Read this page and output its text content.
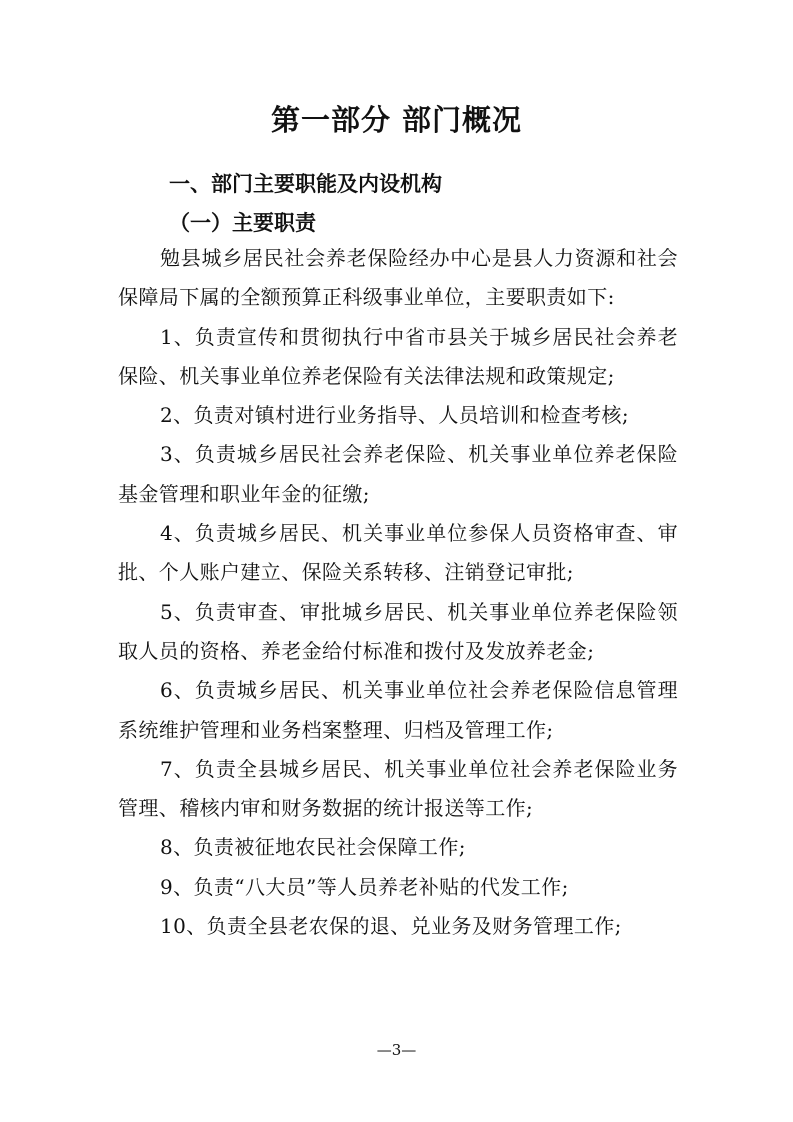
第一部分 部门概况
一、部门主要职能及内设机构
（一）主要职责

勉县城乡居民社会养老保险经办中心是县人力资源和社会保障局下属的全额预算正科级事业单位，主要职责如下:

1、负责宣传和贯彻执行中省市县关于城乡居民社会养老保险、机关事业单位养老保险有关法律法规和政策规定;

2、负责对镇村进行业务指导、人员培训和检查考核;

3、负责城乡居民社会养老保险、机关事业单位养老保险基金管理和职业年金的征缴;

4、负责城乡居民、机关事业单位参保人员资格审查、审批、个人账户建立、保险关系转移、注销登记审批;

5、负责审查、审批城乡居民、机关事业单位养老保险领取人员的资格、养老金给付标准和拨付及发放养老金;

6、负责城乡居民、机关事业单位社会养老保险信息管理系统维护管理和业务档案整理、归档及管理工作;

7、负责全县城乡居民、机关事业单位社会养老保险业务管理、稽核内审和财务数据的统计报送等工作;

8、负责被征地农民社会保障工作;

9、负责“八大员”等人员养老补贴的代发工作;

10、负责全县老农保的退、兑业务及财务管理工作;

—3—
